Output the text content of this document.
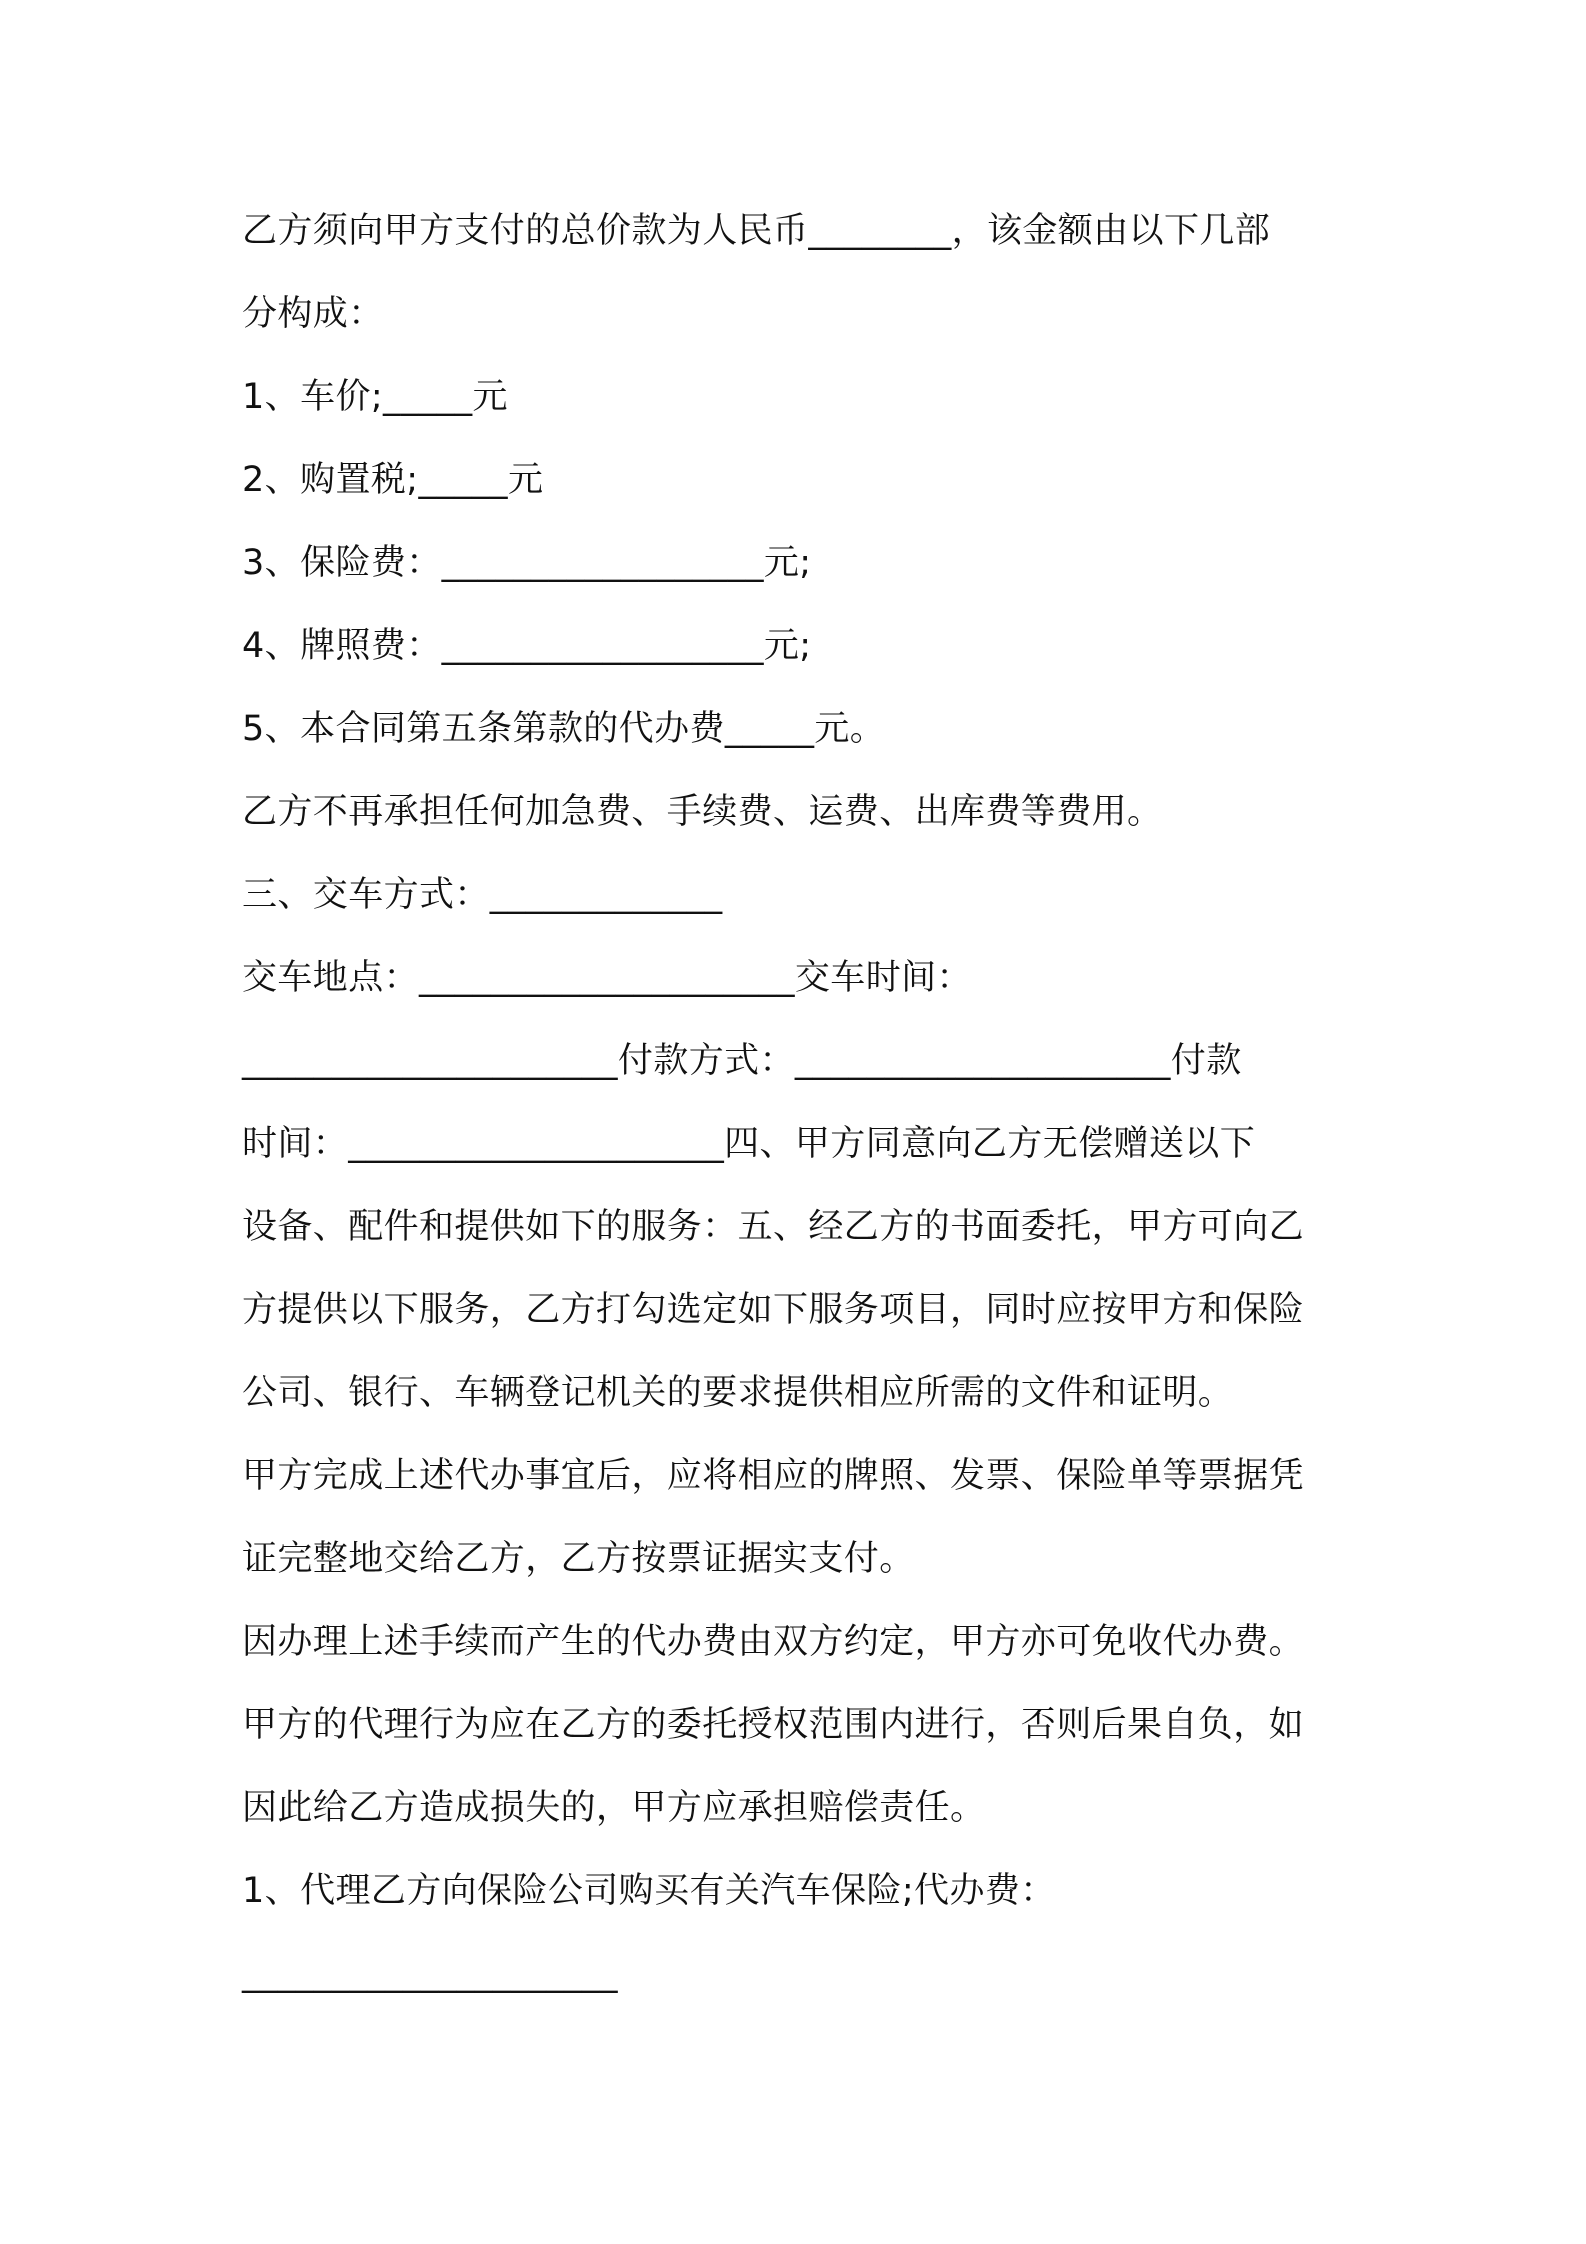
乙方须向甲方支付的总价款为人民币________，该金额由以下几部
分构成：
1、车价;_____元
2、购置税;_____元
3、保险费：__________________元;
4、牌照费：__________________元;
5、本合同第五条第款的代办费_____元。
乙方不再承担任何加急费、手续费、运费、出库费等费用。
三、交车方式：_____________
交车地点：_____________________交车时间：
_____________________付款方式：_____________________付款
时间：_____________________四、甲方同意向乙方无偿赠送以下
设备、配件和提供如下的服务：五、经乙方的书面委托，甲方可向乙
方提供以下服务，乙方打勾选定如下服务项目，同时应按甲方和保险
公司、银行、车辆登记机关的要求提供相应所需的文件和证明。
甲方完成上述代办事宜后，应将相应的牌照、发票、保险单等票据凭
证完整地交给乙方，乙方按票证据实支付。
因办理上述手续而产生的代办费由双方约定，甲方亦可免收代办费。
甲方的代理行为应在乙方的委托授权范围内进行，否则后果自负，如
因此给乙方造成损失的，甲方应承担赔偿责任。
1、代理乙方向保险公司购买有关汽车保险;代办费：
_____________________
